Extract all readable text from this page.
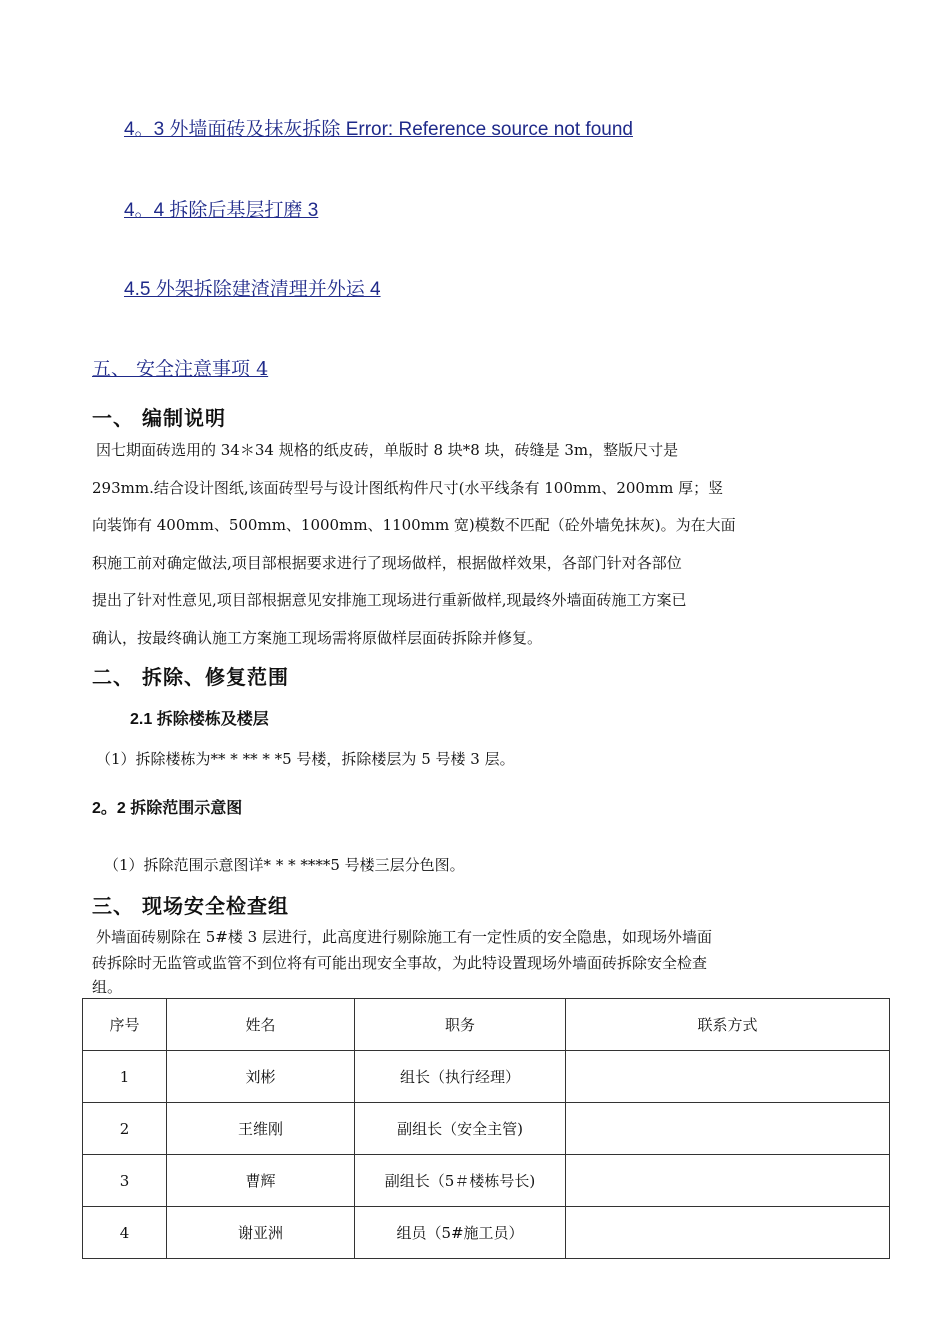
4。3 外墙面砖及抹灰拆除 Error: Reference source not found
4。4 拆除后基层打磨 3
4.5 外架拆除建渣清理并外运 4
五、 安全注意事项 4
一、 编制说明
因七期面砖选用的 34＊34 规格的纸皮砖，单版时 8 块*8 块，砖缝是 3m，整版尺寸是
293mm.结合设计图纸,该面砖型号与设计图纸构件尺寸(水平线条有 100mm、200mm 厚；竖
向装饰有 400mm、500mm、1000mm、1100mm 宽)模数不匹配（砼外墙免抹灰)。为在大面
积施工前对确定做法,项目部根据要求进行了现场做样，根据做样效果，各部门针对各部位
提出了针对性意见,项目部根据意见安排施工现场进行重新做样,现最终外墙面砖施工方案已
确认，按最终确认施工方案施工现场需将原做样层面砖拆除并修复。
二、 拆除、修复范围
2.1 拆除楼栋及楼层
（1）拆除楼栋为** * ** * *5 号楼，拆除楼层为 5 号楼 3 层。
2。2 拆除范围示意图
（1）拆除范围示意图详* * * ****5 号楼三层分色图。
三、 现场安全检查组
外墙面砖剔除在 5#楼 3 层进行，此高度进行剔除施工有一定性质的安全隐患，如现场外墙面
砖拆除时无监管或监管不到位将有可能出现安全事故，为此特设置现场外墙面砖拆除安全检查
组。
序号	姓名	职务	联系方式
1	刘彬	组长（执行经理）	
2	王维刚	副组长（安全主管)	
3	曹辉	副组长（5＃楼栋号长)	
4	谢亚洲	组员（5#施工员）	
